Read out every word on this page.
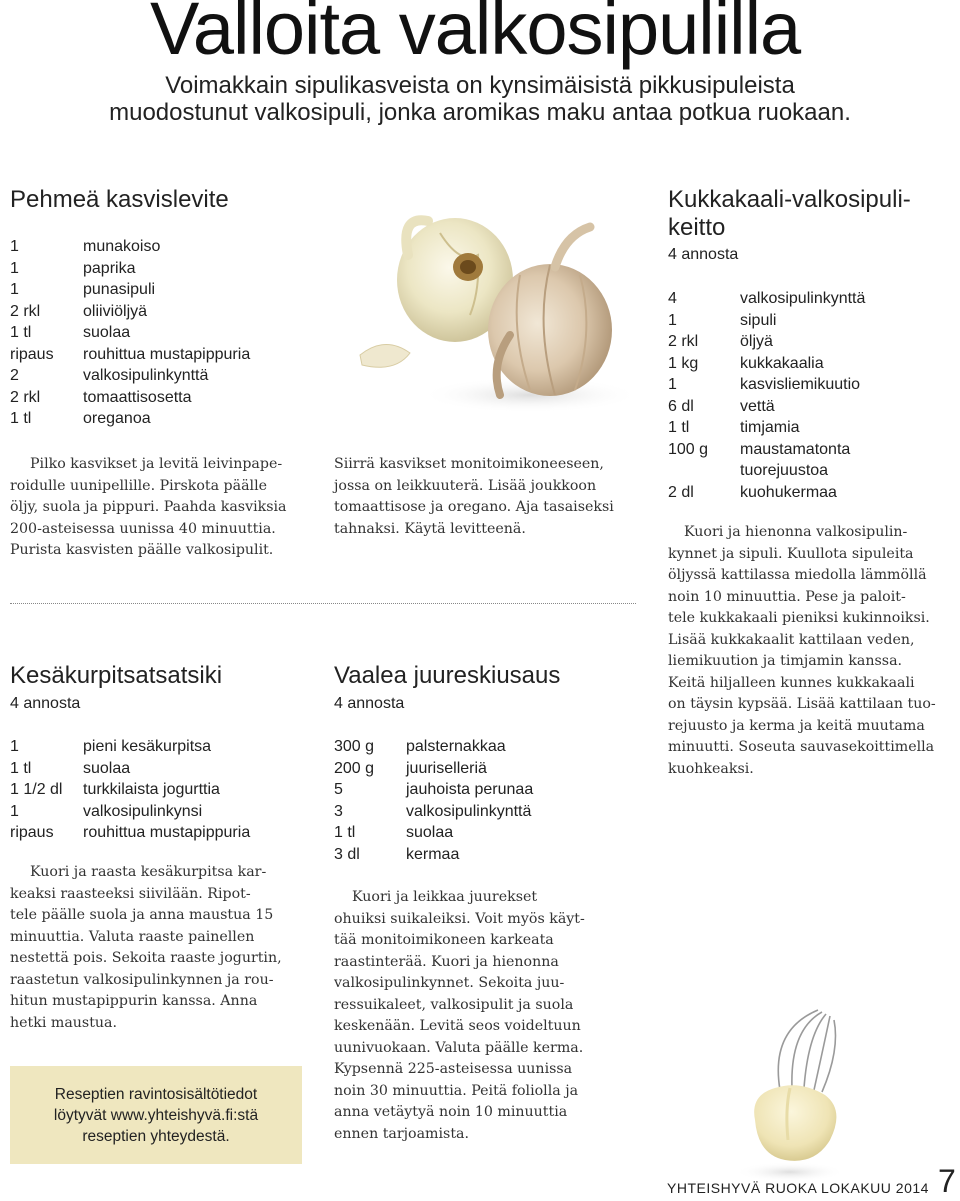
Valloita valkosipulilla
Voimakkain sipulikasveista on kynsimäisistä pikkusipuleista
muodostunut valkosipuli, jonka aromikas maku antaa potkua ruokaan.
Pehmeä kasvislevite
1	munakoiso
1	paprika
1	punasipuli
2 rkl	oliiviöljyä
1 tl	suolaa
ripaus	rouhittua mustapippuria
2	valkosipulinkynttä
2 rkl	tomaattisosetta
1 tl	oreganoa
Pilko kasvikset ja levitä leivinpape-
roidulle uunipellille. Pirskota päälle
öljy, suola ja pippuri. Paahda kasviksia
200-asteisessa uunissa 40 minuuttia.
Purista kasvisten päälle valkosipulit.
Siirrä kasvikset monitoimikoneeseen,
jossa on leikkuuterä. Lisää joukkoon
tomaattisose ja oregano. Aja tasaiseksi
tahnaksi. Käytä levitteenä.
Kesäkurpitsatsatsiki
4 annosta
1	pieni kesäkurpitsa
1 tl	suolaa
1 1/2 dl	turkkilaista jogurttia
1	valkosipulinkynsi
ripaus	rouhittua mustapippuria
Kuori ja raasta kesäkurpitsa kar-
keaksi raasteeksi siivilään. Ripot-
tele päälle suola ja anna maustua 15
minuuttia. Valuta raaste painellen
nestettä pois. Sekoita raaste jogurtin,
raastetun valkosipulinkynnen ja rou-
hitun mustapippurin kanssa. Anna
hetki maustua.
Reseptien ravintosisältötiedot
löytyvät www.yhteishyvä.fi:stä
reseptien yhteydestä.
Vaalea juureskiusaus
4 annosta
300 g	palsternakkaa
200 g	juuriselleriä
5	jauhoista perunaa
3	valkosipulinkynttä
1 tl	suolaa
3 dl	kermaa
Kuori ja leikkaa juurekset
ohuiksi suikaleiksi. Voit myös käyt-
tää monitoimikoneen karkeata
raastinterää. Kuori ja hienonna
valkosipulinkynnet. Sekoita juu-
ressuikaleet, valkosipulit ja suola
keskenään. Levitä seos voideltuun
uunivuokaan. Valuta päälle kerma.
Kypsennä 225-asteisessa uunissa
noin 30 minuuttia. Peitä foliolla ja
anna vetäytyä noin 10 minuuttia
ennen tarjoamista.
Kukkakaali-valkosipuli-
keitto
4 annosta
4	valkosipulinkynttä
1	sipuli
2 rkl	öljyä
1 kg	kukkakaalia
1	kasvisliemikuutio
6 dl	vettä
1 tl	timjamia
100 g	maustamatonta
tuorejuustoa
2 dl	kuohukermaa
Kuori ja hienonna valkosipulin-
kynnet ja sipuli. Kuullota sipuleita
öljyssä kattilassa miedolla lämmöllä
noin 10 minuuttia. Pese ja paloit-
tele kukkakaali pieniksi kukinnoiksi.
Lisää kukkakaalit kattilaan veden,
liemikuution ja timjamin kanssa.
Keitä hiljalleen kunnes kukkakaali
on täysin kypsää. Lisää kattilaan tuo-
rejuusto ja kerma ja keitä muutama
minuutti. Soseuta sauvasekoittimella
kuohkeaksi.
YHTEISHYVÄ RUOKA LOKAKUU 2014 7
